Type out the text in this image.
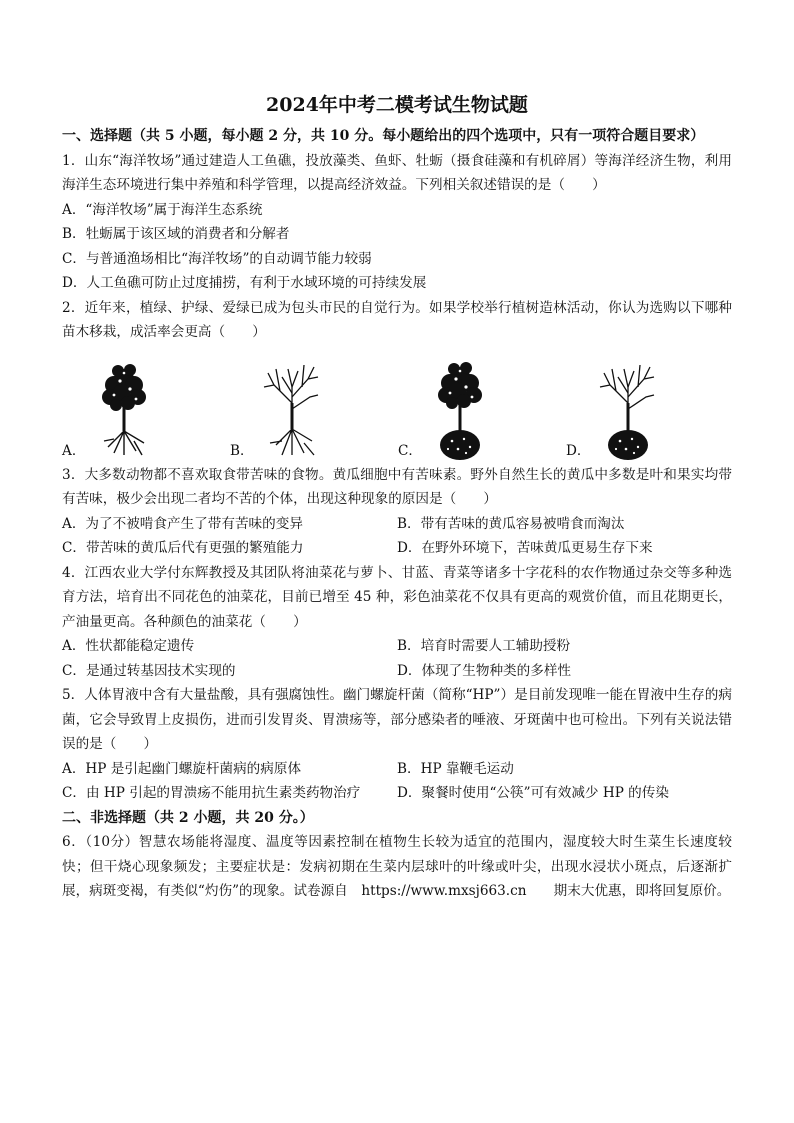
2024年中考二模考试生物试题
一、选择题（共 5 小题，每小题 2 分，共 10 分。每小题给出的四个选项中，只有一项符合题目要求）

1．山东“海洋牧场”通过建造人工鱼礁，投放藻类、鱼虾、牡蛎（摄食硅藻和有机碎屑）等海洋经济生物，利用海洋生态环境进行集中养殖和科学管理，以提高经济效益。下列相关叙述错误的是（　　）

A．“海洋牧场”属于海洋生态系统
B．牡蛎属于该区域的消费者和分解者
C．与普通渔场相比“海洋牧场”的自动调节能力较弱
D．人工鱼礁可防止过度捕捞，有利于水域环境的可持续发展

2．近年来，植绿、护绿、爱绿已成为包头市民的自觉行为。如果学校举行植树造林活动，你认为选购以下哪种苗木移栽，成活率会更高（　　）

A．	B．	C．	D．

3．大多数动物都不喜欢取食带苦味的食物。黄瓜细胞中有苦味素。野外自然生长的黄瓜中多数是叶和果实均带有苦味，极少会出现二者均不苦的个体，出现这种现象的原因是（　　）

A．为了不被啃食产生了带有苦味的变异	B．带有苦味的黄瓜容易被啃食而淘汰
C．带苦味的黄瓜后代有更强的繁殖能力	D．在野外环境下，苦味黄瓜更易生存下来

4．江西农业大学付东辉教授及其团队将油菜花与萝卜、甘蓝、青菜等诸多十字花科的农作物通过杂交等多种选育方法，培育出不同花色的油菜花，目前已增至 45 种，彩色油菜花不仅具有更高的观赏价值，而且花期更长，产油量更高。各种颜色的油菜花（　　）

A．性状都能稳定遗传	B．培育时需要人工辅助授粉
C．是通过转基因技术实现的	D．体现了生物种类的多样性

5．人体胃液中含有大量盐酸，具有强腐蚀性。幽门螺旋杆菌（简称“HP”）是目前发现唯一能在胃液中生存的病菌，它会导致胃上皮损伤，进而引发胃炎、胃溃疡等，部分感染者的唾液、牙斑菌中也可检出。下列有关说法错误的是（　　）

A．HP 是引起幽门螺旋杆菌病的病原体	B．HP 靠鞭毛运动
C．由 HP 引起的胃溃疡不能用抗生素类药物治疗	D．聚餐时使用“公筷”可有效减少 HP 的传染
二、非选择题（共 2 小题，共 20 分。）

6．（10分）智慧农场能将湿度、温度等因素控制在植物生长较为适宜的范围内，湿度较大时生菜生长速度较快；但干烧心现象频发；主要症状是：发病初期在生菜内层球叶的叶缘或叶尖，出现水浸状小斑点，后逐渐扩展，病斑变褐，有类似“灼伤”的现象。试卷源自　https://www.mxsj663.cn　　期末大优惠，即将回复原价。
